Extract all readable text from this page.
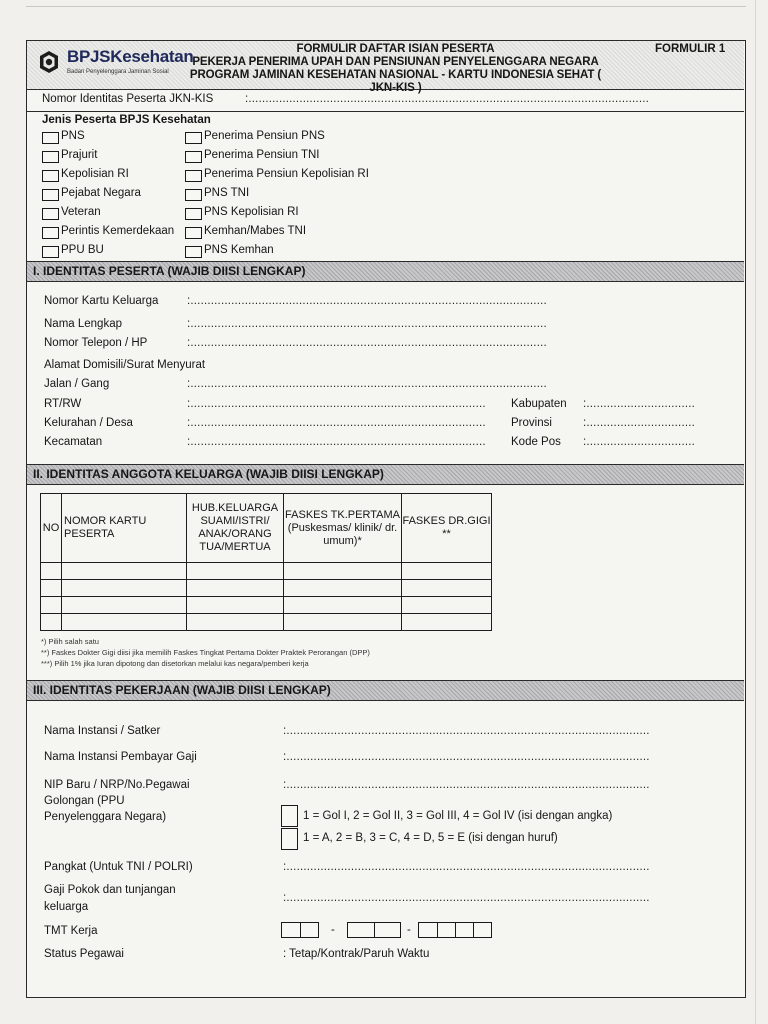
BPJSKesehatan
Badan Penyelenggara Jaminan Sosial
FORMULIR DAFTAR ISIAN PESERTA
PEKERJA PENERIMA UPAH DAN PENSIUNAN PENYELENGGARA NEGARA
PROGRAM JAMINAN KESEHATAN NASIONAL - KARTU INDONESIA SEHAT ( JKN-KIS )
FORMULIR 1
Nomor Identitas Peserta JKN-KIS	:......................................................................................................................
Jenis Peserta BPJS Kesehatan
PNS
Prajurit
Kepolisian RI
Pejabat Negara
Veteran
Perintis Kemerdekaan
PPU BU
Penerima Pensiun PNS
Penerima Pensiun TNI
Penerima Pensiun Kepolisian RI
PNS TNI
PNS Kepolisian RI
Kemhan/Mabes TNI
PNS Kemhan
I. IDENTITAS PESERTA (WAJIB DIISI LENGKAP)
Nomor Kartu Keluarga :.........................................................................................................
Nama Lengkap	:.........................................................................................................
Nomor Telepon / HP	:.........................................................................................................
Alamat Domisili/Surat Menyurat
Jalan / Gang	:.........................................................................................................
RT/RW	:.......................................................................................
Kelurahan / Desa	:.......................................................................................
Kecamatan	:.......................................................................................
Kabupaten :................................
Provinsi	:................................
Kode Pos :................................
II. IDENTITAS ANGGOTA KELUARGA (WAJIB DIISI LENGKAP)
NO	NOMOR KARTU PESERTA	HUB.KELUARGA SUAMI/ISTRI/ ANAK/ORANG TUA/MERTUA	FASKES TK.PERTAMA (Puskesmas/ klinik/ dr. umum)*	FASKES DR.GIGI **

*) Pilih salah satu
**) Faskes Dokter Gigi diisi jika memilih Faskes Tingkat Pertama Dokter Praktek Perorangan (DPP)
***) Pilih 1% jika Iuran dipotong dan disetorkan melalui kas negara/pemberi kerja
III. IDENTITAS PEKERJAAN (WAJIB DIISI LENGKAP)
Nama Instansi / Satker	:...........................................................................................................
Nama Instansi Pembayar Gaji	:...........................................................................................................
NIP Baru / NRP/No.Pegawai	:...........................................................................................................
Golongan (PPU
Penyelenggara Negara)	1 = Gol I, 2 = Gol II, 3 = Gol III, 4 = Gol IV (isi dengan angka)
1 = A, 2 = B, 3 = C, 4 = D, 5 = E (isi dengan huruf)
Pangkat (Untuk TNI / POLRI)	:...........................................................................................................
Gaji Pokok dan tunjangan
keluarga
:...........................................................................................................
TMT Kerja	-	-
Status Pegawai	: Tetap/Kontrak/Paruh Waktu
